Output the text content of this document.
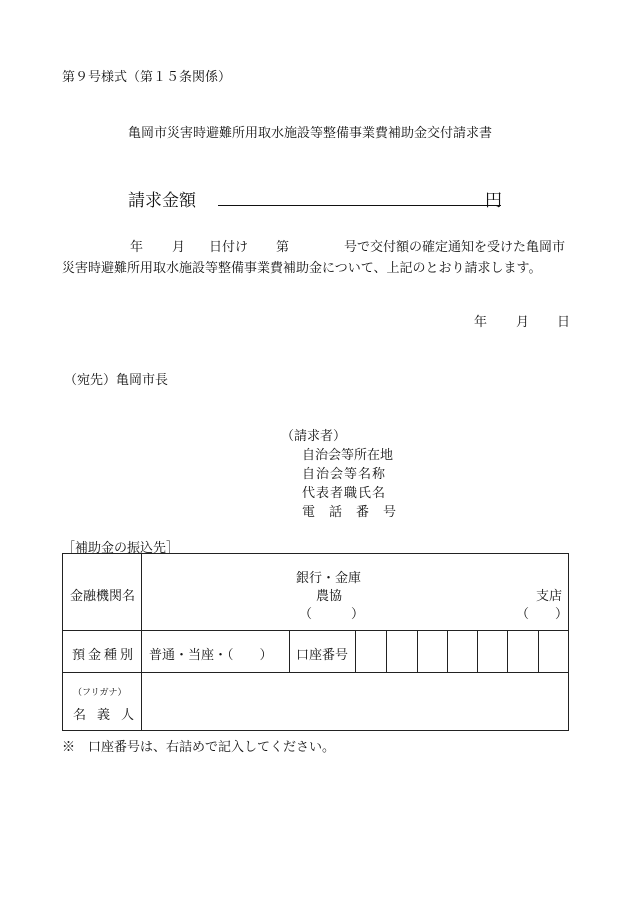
第９号様式（第１５条関係）
亀岡市災害時避難所用取水施設等整備事業費補助金交付請求書
請求金額	円
年 月 日付け 第	号で交付額の確定通知を受けた亀岡市
災害時避難所用取水施設等整備事業費補助金について、上記のとおり請求します。
年 月 日
（宛先）亀岡市長
（請求者）
自治会等所在地
自治会等名称
代表者職氏名
電話番号
［補助金の振込先］
金融機関名
銀行・金庫
農協
（　　　）
支店
（　　）
預金種別 普通・当座・（　　） 口座番号
（フリガナ）
名義人
※　口座番号は、右詰めで記入してください。
